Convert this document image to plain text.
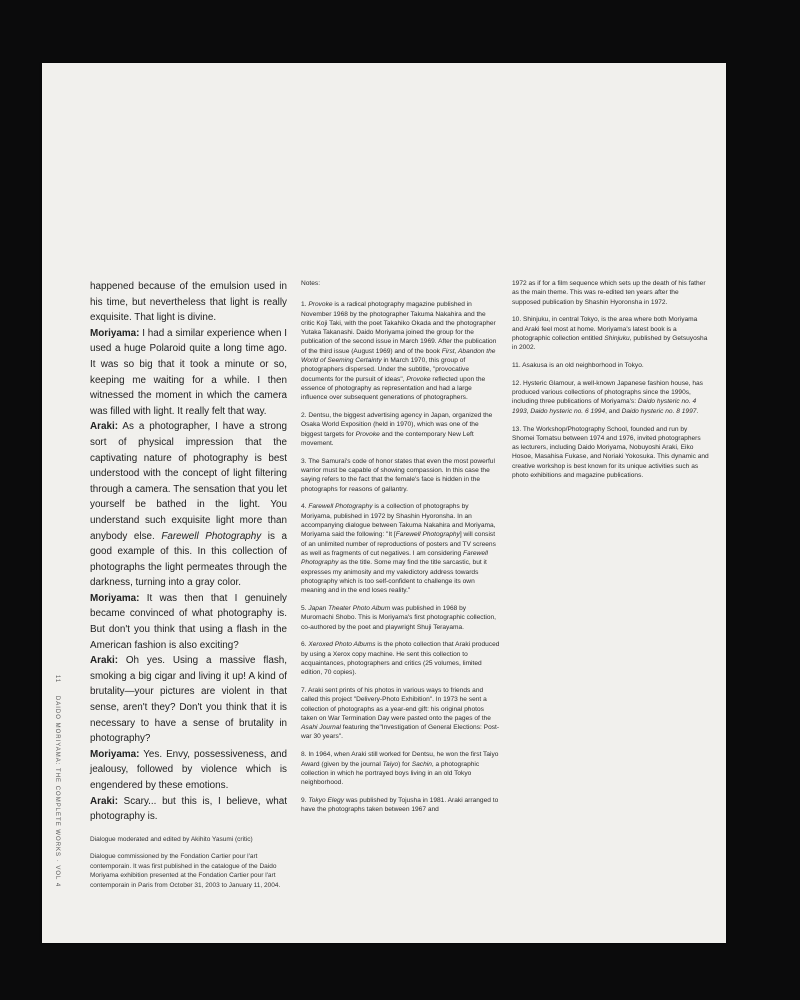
11 DAIDO MORIYAMA: THE COMPLETE WORKS · VOL 4

happened because of the emulsion used in his time, but nevertheless that light is really exquisite. That light is divine.

Moriyama: I had a similar experience when I used a huge Polaroid quite a long time ago. It was so big that it took a minute or so, keeping me waiting for a while. I then witnessed the moment in which the camera was filled with light. It really felt that way.

Araki: As a photographer, I have a strong sort of physical impression that the captivating nature of photography is best understood with the concept of light filtering through a camera. The sensation that you let yourself be bathed in the light. You understand such exquisite light more than anybody else. Farewell Photography is a good example of this. In this collection of photographs the light permeates through the darkness, turning into a gray color.

Moriyama: It was then that I genuinely became convinced of what photography is. But don't you think that using a flash in the American fashion is also exciting?

Araki: Oh yes. Using a massive flash, smoking a big cigar and living it up! A kind of brutality—your pictures are violent in that sense, aren't they? Don't you think that it is necessary to have a sense of brutality in photography?

Moriyama: Yes. Envy, possessiveness, and jealousy, followed by violence which is engendered by these emotions.

Araki: Scary... but this is, I believe, what photography is.

Dialogue moderated and edited by Akihito Yasumi (critic)

Dialogue commissioned by the Fondation Cartier pour l'art contemporain. It was first published in the catalogue of the Daido Moriyama exhibition presented at the Fondation Cartier pour l'art contemporain in Paris from October 31, 2003 to January 11, 2004.

Notes:

1. Provoke is a radical photography magazine published in November 1968 by the photographer Takuma Nakahira and the critic Koji Taki, with the poet Takahiko Okada and the photographer Yutaka Takanashi. Daido Moriyama joined the group for the publication of the second issue in March 1969. After the publication of the third issue (August 1969) and of the book First, Abandon the World of Seeming Certainty in March 1970, this group of photographers dispersed. Under the subtitle, "provocative documents for the pursuit of ideas", Provoke reflected upon the essence of photography as representation and had a large influence over subsequent generations of photographers.

2. Dentsu, the biggest advertising agency in Japan, organized the Osaka World Exposition (held in 1970), which was one of the biggest targets for Provoke and the contemporary New Left movement.

3. The Samurai's code of honor states that even the most powerful warrior must be capable of showing compassion. In this case the saying refers to the fact that the female's face is hidden in the photographs for reasons of gallantry.

4. Farewell Photography is a collection of photographs by Moriyama, published in 1972 by Shashin Hyoronsha. In an accompanying dialogue between Takuma Nakahira and Moriyama, Moriyama said the following: "It [Farewell Photography] will consist of an unlimited number of reproductions of posters and TV screens as well as fragments of cut negatives. I am considering Farewell Photography as the title. Some may find the title sarcastic, but it expresses my animosity and my valedictory address towards photography which is too self-confident to challenge its own meaning and in the end loses reality."

5. Japan Theater Photo Album was published in 1968 by Muromachi Shobo. This is Moriyama's first photographic collection, co-authored by the poet and playwright Shuji Terayama.

6. Xeroxed Photo Albums is the photo collection that Araki produced by using a Xerox copy machine. He sent this collection to acquaintances, photographers and critics (25 volumes, limited edition, 70 copies).

7. Araki sent prints of his photos in various ways to friends and called this project "Delivery-Photo Exhibition". In 1973 he sent a collection of photographs as a year-end gift: his original photos taken on War Termination Day were pasted onto the pages of the Asahi Journal featuring the"Investigation of General Elections: Post-war 30 years".

8. In 1964, when Araki still worked for Dentsu, he won the first Taiyo Award (given by the journal Taiyo) for Sachin, a photographic collection in which he portrayed boys living in an old Tokyo neighborhood.

9. Tokyo Elegy was published by Tojusha in 1981. Araki arranged to have the photographs taken between 1967 and

1972 as if for a film sequence which sets up the death of his father as the main theme. This was re-edited ten years after the supposed publication by Shashin Hyoronsha in 1972.

10. Shinjuku, in central Tokyo, is the area where both Moriyama and Araki feel most at home. Moriyama's latest book is a photographic collection entitled Shinjuku, published by Getsuyosha in 2002.

11. Asakusa is an old neighborhood in Tokyo.

12. Hysteric Glamour, a well-known Japanese fashion house, has produced various collections of photographs since the 1990s, including three publications of Moriyama's: Daido hysteric no. 4 1993, Daido hysteric no. 6 1994, and Daido hysteric no. 8 1997.

13. The Workshop/Photography School, founded and run by Shomei Tomatsu between 1974 and 1976, invited photographers as lecturers, including Daido Moriyama, Nobuyoshi Araki, Eiko Hosoe, Masahisa Fukase, and Noriaki Yokosuka. This dynamic and creative workshop is best known for its unique activities such as photo exhibitions and magazine publications.
